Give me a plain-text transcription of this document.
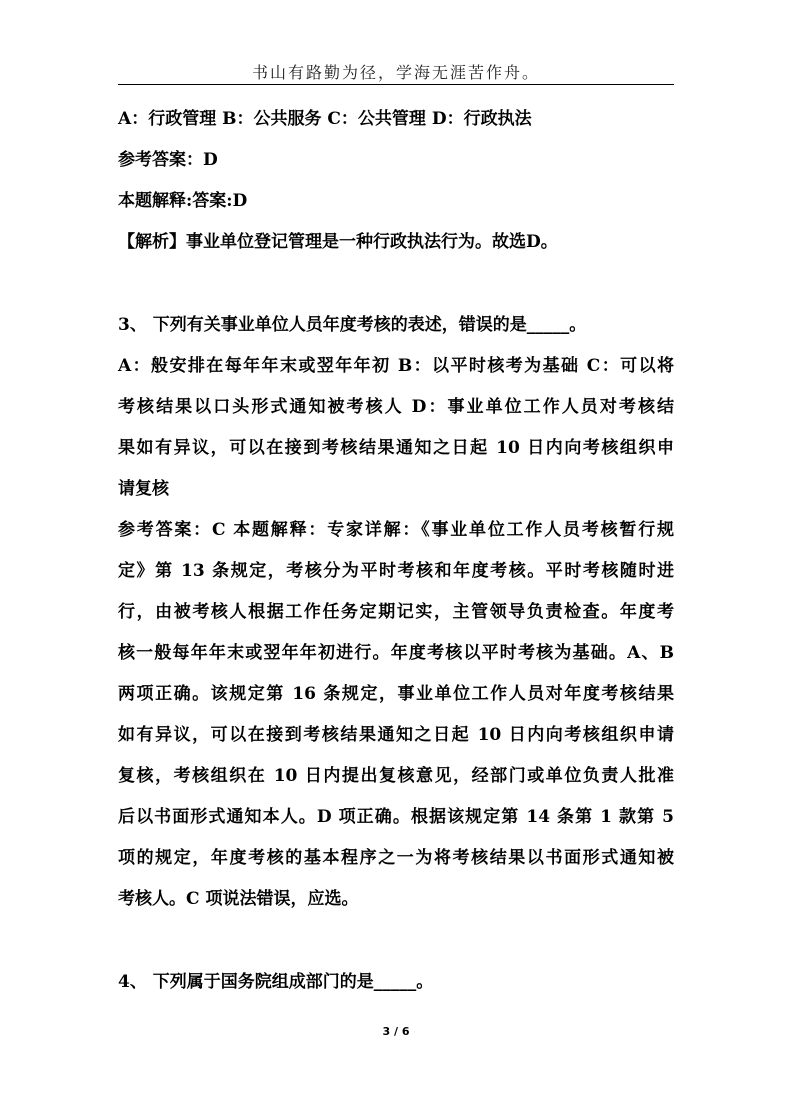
书山有路勤为径，学海无涯苦作舟。
A：行政管理 B：公共服务 C：公共管理 D：行政执法
参考答案：D
本题解释:答案:D
【解析】事业单位登记管理是一种行政执法行为。故选D。
3、 下列有关事业单位人员年度考核的表述，错误的是_____。
A：般安排在每年年末或翌年年初 B：以平时核考为基础 C：可以将
考核结果以口头形式通知被考核人 D：事业单位工作人员对考核结
果如有异议，可以在接到考核结果通知之日起 10 日内向考核组织申
请复核
参考答案：C 本题解释：专家详解：《事业单位工作人员考核暂行规
定》第 13 条规定，考核分为平时考核和年度考核。平时考核随时进
行，由被考核人根据工作任务定期记实，主管领导负责检查。年度考
核一般每年年末或翌年年初进行。年度考核以平时考核为基础。A、B
两项正确。该规定第 16 条规定，事业单位工作人员对年度考核结果
如有异议，可以在接到考核结果通知之日起 10 日内向考核组织申请
复核，考核组织在 10 日内提出复核意见，经部门或单位负责人批准
后以书面形式通知本人。D 项正确。根据该规定第 14 条第 1 款第 5
项的规定，年度考核的基本程序之一为将考核结果以书面形式通知被
考核人。C 项说法错误，应选。
4、 下列属于国务院组成部门的是_____。
3 / 6
